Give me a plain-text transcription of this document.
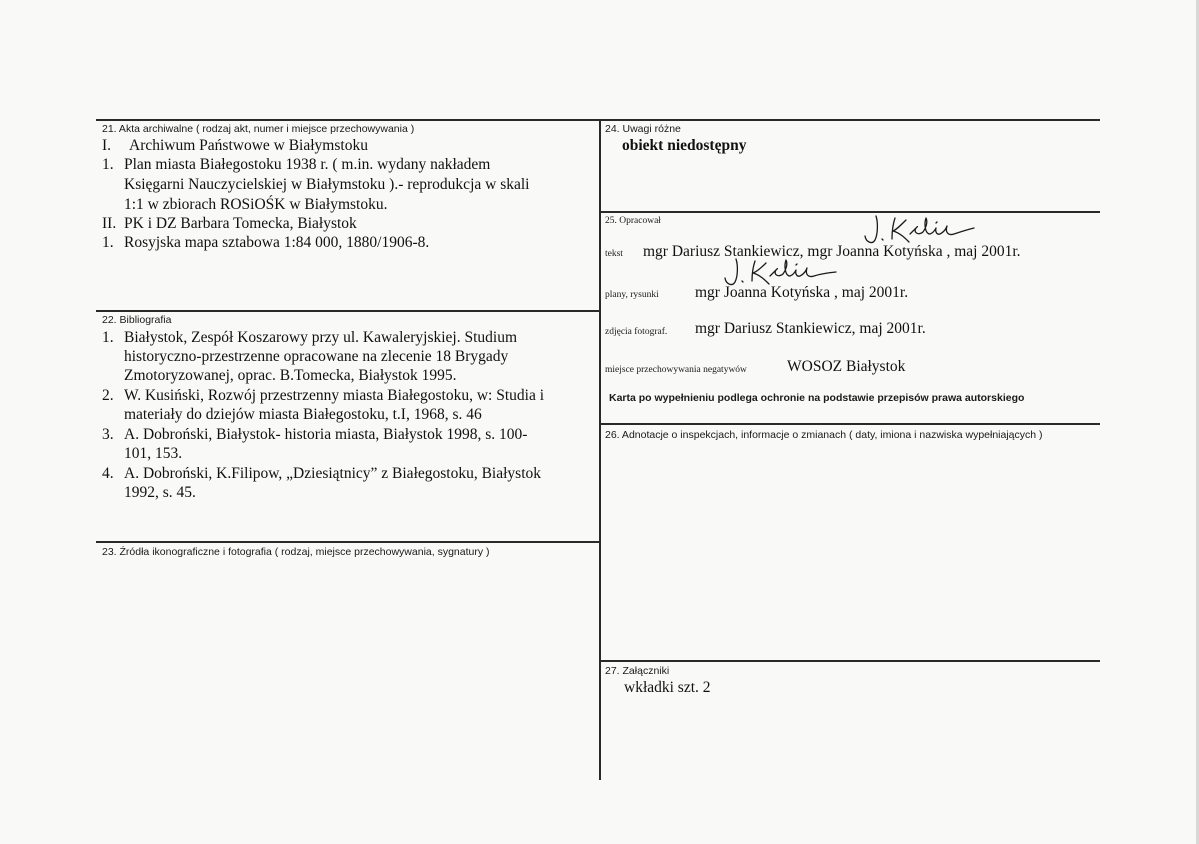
21. Akta archiwalne ( rodzaj akt, numer i miejsce przechowywania )
I.	Archiwum Państwowe w Białymstoku
1. Plan miasta Białegostoku 1938 r. ( m.in. wydany nakładem
Księgarni Nauczycielskiej w Białymstoku ).- reprodukcja w skali
1:1 w zbiorach ROSiOŚK w Białymstoku.
II. PK i DZ Barbara Tomecka, Białystok
1. Rosyjska mapa sztabowa 1:84 000, 1880/1906-8.
22. Bibliografia
1. Białystok, Zespół Koszarowy przy ul. Kawaleryjskiej. Studium
historyczno-przestrzenne opracowane na zlecenie 18 Brygady
Zmotoryzowanej, oprac. B.Tomecka, Białystok 1995.
2. W. Kusiński, Rozwój przestrzenny miasta Białegostoku, w: Studia i
materiały do dziejów miasta Białegostoku, t.I, 1968, s. 46
3. A. Dobroński, Białystok- historia miasta, Białystok 1998, s. 100-
101, 153.
4. A. Dobroński, K.Filipow, „Dziesiątnicy” z Białegostoku, Białystok
1992, s. 45.
23. Źródła ikonograficzne i fotografia ( rodzaj, miejsce przechowywania, sygnatury )
24. Uwagi różne
obiekt niedostępny
25. Opracował
tekst mgr Dariusz Stankiewicz, mgr Joanna Kotyńska , maj 2001r.
plany, rysunki mgr Joanna Kotyńska , maj 2001r.
zdjęcia fotograf. mgr Dariusz Stankiewicz, maj 2001r.
miejsce przechowywania negatywów	WOSOZ Białystok
Karta po wypełnieniu podlega ochronie na podstawie przepisów prawa autorskiego
26. Adnotacje o inspekcjach, informacje o zmianach ( daty, imiona i nazwiska wypełniających )
27. Załączniki
wkładki szt. 2
